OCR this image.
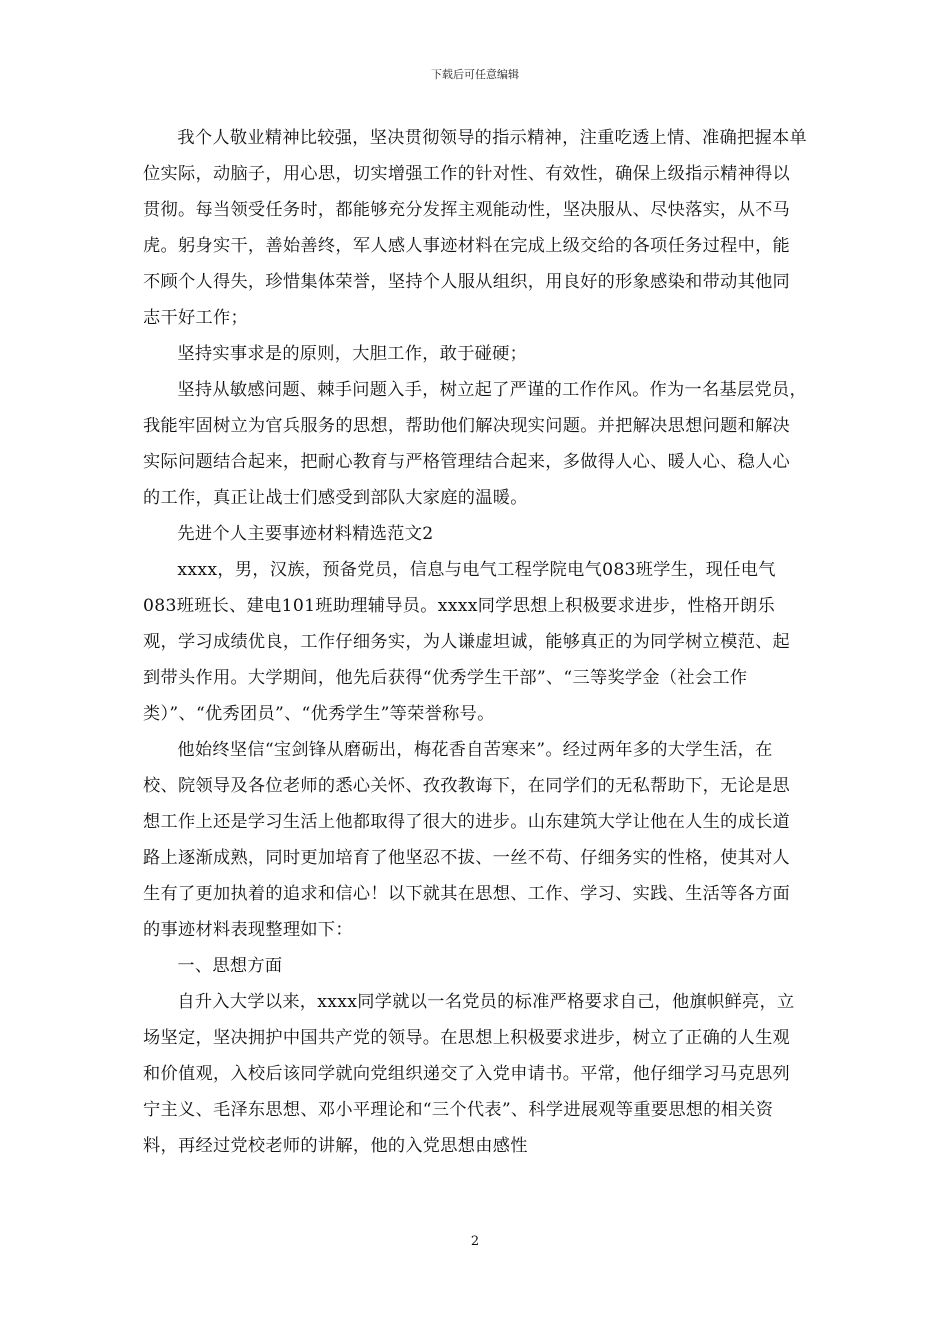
下载后可任意编辑

我个人敬业精神比较强，坚决贯彻领导的指示精神，注重吃透上情、准确把握本单位实际，动脑子，用心思，切实增强工作的针对性、有效性，确保上级指示精神得以贯彻。每当领受任务时，都能够充分发挥主观能动性，坚决服从、尽快落实，从不马虎。躬身实干，善始善终，军人感人事迹材料在完成上级交给的各项任务过程中，能不顾个人得失，珍惜集体荣誉，坚持个人服从组织，用良好的形象感染和带动其他同志干好工作；

坚持实事求是的原则，大胆工作，敢于碰硬；

坚持从敏感问题、棘手问题入手，树立起了严谨的工作作风。作为一名基层党员，我能牢固树立为官兵服务的思想，帮助他们解决现实问题。并把解决思想问题和解决实际问题结合起来，把耐心教育与严格管理结合起来，多做得人心、暖人心、稳人心的工作，真正让战士们感受到部队大家庭的温暖。

先进个人主要事迹材料精选范文2

xxxx，男，汉族，预备党员，信息与电气工程学院电气083班学生，现任电气083班班长、建电101班助理辅导员。xxxx同学思想上积极要求进步，性格开朗乐观，学习成绩优良，工作仔细务实，为人谦虚坦诚，能够真正的为同学树立模范、起到带头作用。大学期间，他先后获得“优秀学生干部”、“三等奖学金（社会工作类）”、“优秀团员”、“优秀学生”等荣誉称号。

他始终坚信“宝剑锋从磨砺出，梅花香自苦寒来”。经过两年多的大学生活，在校、院领导及各位老师的悉心关怀、孜孜教诲下，在同学们的无私帮助下，无论是思想工作上还是学习生活上他都取得了很大的进步。山东建筑大学让他在人生的成长道路上逐渐成熟，同时更加培育了他坚忍不拔、一丝不苟、仔细务实的性格，使其对人生有了更加执着的追求和信心！以下就其在思想、工作、学习、实践、生活等各方面的事迹材料表现整理如下：

一、思想方面

自升入大学以来，xxxx同学就以一名党员的标准严格要求自己，他旗帜鲜亮，立场坚定，坚决拥护中国共产党的领导。在思想上积极要求进步，树立了正确的人生观和价值观，入校后该同学就向党组织递交了入党申请书。平常，他仔细学习马克思列宁主义、毛泽东思想、邓小平理论和“三个代表”、科学进展观等重要思想的相关资料，再经过党校老师的讲解，他的入党思想由感性

2
